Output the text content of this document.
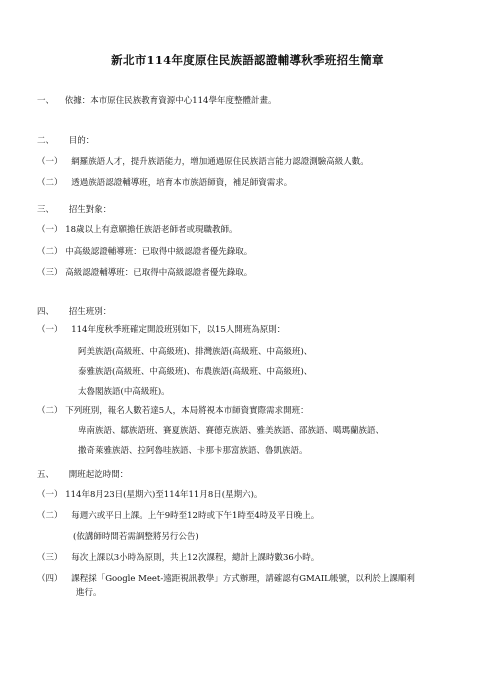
新北市114年度原住民族語認證輔導秋季班招生簡章
一、 依據：本市原住民族教育資源中心114學年度整體計畫。
二、 目的：
（一） 網羅族語人才，提升族語能力，增加通過原住民族語言能力認證測驗高級人數。
（二） 透過族語認證輔導班，培育本市族語師資，補足師資需求。
三、 招生對象：
（一） 18歲以上有意願擔任族語老師者或現職教師。
（二） 中高級認證輔導班：已取得中級認證者優先錄取。
（三） 高級認證輔導班：已取得中高級認證者優先錄取。
四、 招生班別：
（一） 114年度秋季班確定開設班別如下，以15人開班為原則：
阿美族語(高級班、中高級班)、排灣族語(高級班、中高級班)、
泰雅族語(高級班、中高級班)、布農族語(高級班、中高級班)、
太魯閣族語(中高級班)。
（二） 下列班別，報名人數若達5人，本局將視本市師資實際需求開班：
卑南族語、鄒族語班、賽夏族語、賽德克族語、雅美族語、邵族語、噶瑪蘭族語、
撒奇萊雅族語、拉阿魯哇族語、卡那卡那富族語、魯凱族語。
五、 開班起訖時間：
（一） 114年8月23日(星期六)至114年11月8日(星期六)。
（二） 每週六或平日上課。上午9時至12時或下午1時至4時及平日晚上。
(依講師時間若需調整將另行公告)
（三） 每次上課以3小時為原則，共上12次課程，總計上課時數36小時。
（四） 課程採「Google Meet-遠距視訊教學」方式辦理，請確認有GMAIL帳號，以利於上課順利
進行。
